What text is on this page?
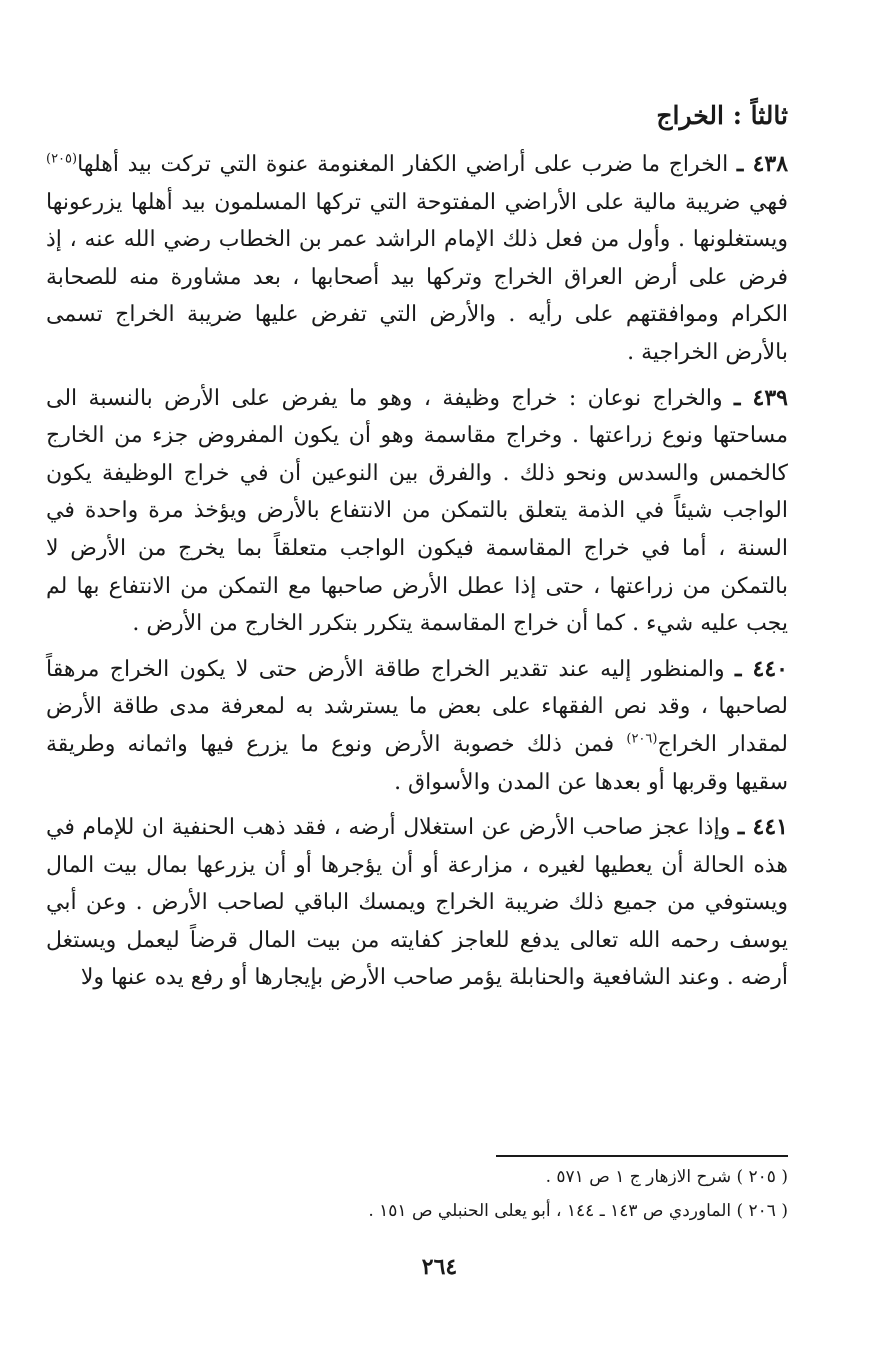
ثالثاً : الخراج

٤٣٨ ـ الخراج ما ضرب على أراضي الكفار المغنومة عنوة التي تركت بيد أهلها$^{(٢٠٥)}$ فهي ضريبة مالية على الأراضي المفتوحة التي تركها المسلمون بيد أهلها يزرعونها ويستغلونها . وأول من فعل ذلك الإمام الراشد عمر بن الخطاب رضي الله عنه ، إذ فرض على أرض العراق الخراج وتركها بيد أصحابها ، بعد مشاورة منه للصحابة الكرام وموافقتهم على رأيه . والأرض التي تفرض عليها ضريبة الخراج تسمى بالأرض الخراجية .

٤٣٩ ـ والخراج نوعان : خراج وظيفة ، وهو ما يفرض على الأرض بالنسبة الى مساحتها ونوع زراعتها . وخراج مقاسمة وهو أن يكون المفروض جزء من الخارج كالخمس والسدس ونحو ذلك . والفرق بين النوعين أن في خراج الوظيفة يكون الواجب شيئاً في الذمة يتعلق بالتمكن من الانتفاع بالأرض ويؤخذ مرة واحدة في السنة ، أما في خراج المقاسمة فيكون الواجب متعلقاً بما يخرج من الأرض لا بالتمكن من زراعتها ، حتى إذا عطل الأرض صاحبها مع التمكن من الانتفاع بها لم يجب عليه شيء . كما أن خراج المقاسمة يتكرر بتكرر الخارج من الأرض .

٤٤٠ ـ والمنظور إليه عند تقدير الخراج طاقة الأرض حتى لا يكون الخراج مرهقاً لصاحبها ، وقد نص الفقهاء على بعض ما يسترشد به لمعرفة مدى طاقة الأرض لمقدار الخراج$^{(٢٠٦)}$ فمن ذلك خصوبة الأرض ونوع ما يزرع فيها واثمانه وطريقة سقيها وقربها أو بعدها عن المدن والأسواق .

٤٤١ ـ وإذا عجز صاحب الأرض عن استغلال أرضه ، فقد ذهب الحنفية ان للإمام في هذه الحالة أن يعطيها لغيره ، مزارعة أو أن يؤجرها أو أن يزرعها بمال بيت المال ويستوفي من جميع ذلك ضريبة الخراج ويمسك الباقي لصاحب الأرض . وعن أبي يوسف رحمه الله تعالى يدفع للعاجز كفايته من بيت المال قرضاً ليعمل ويستغل أرضه . وعند الشافعية والحنابلة يؤمر صاحب الأرض بإيجارها أو رفع يده عنها ولا

( ٢٠٥ ) شرح الازهار ج ١ ص ٥٧١ .

( ٢٠٦ ) الماوردي ص ١٤٣ ـ ١٤٤ ، أبو يعلى الحنبلي ص ١٥١ .

٢٦٤
